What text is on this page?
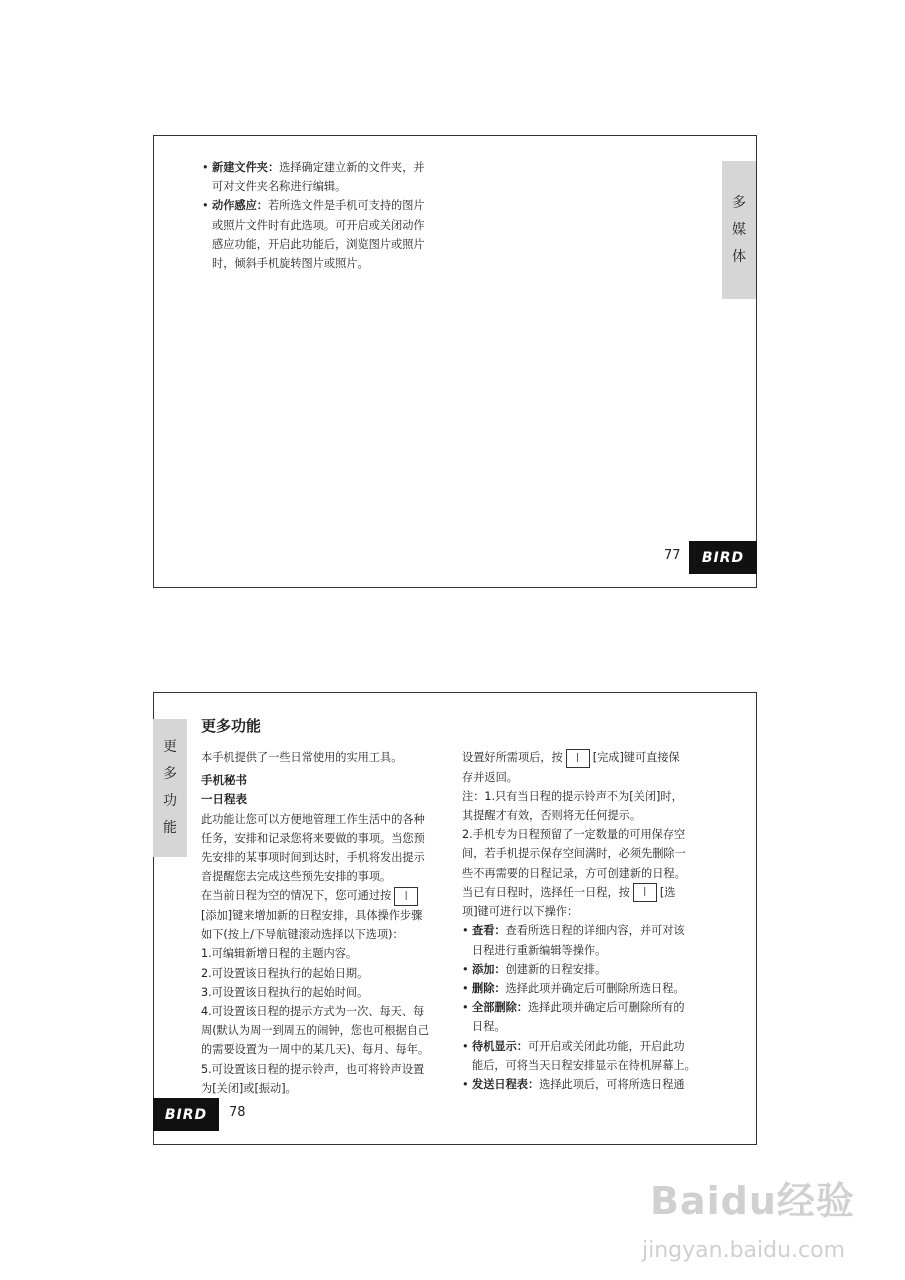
• 新建文件夹：选择确定建立新的文件夹，并
可对文件夹名称进行编辑。
• 动作感应：若所选文件是手机可支持的图片
或照片文件时有此选项。可开启或关闭动作
感应功能，开启此功能后，浏览图片或照片
时，倾斜手机旋转图片或照片。
多
媒
体
77	BIRD
更
多
功
能
更多功能
本手机提供了一些日常使用的实用工具。
手机秘书
一日程表
此功能让您可以方便地管理工作生活中的各种
任务，安排和记录您将来要做的事项。当您预
先安排的某事项时间到达时，手机将发出提示
音提醒您去完成这些预先安排的事项。
在当前日程为空的情况下，您可通过按 |
[添加]键来增加新的日程安排，具体操作步骤
如下(按上/下导航键滚动选择以下选项)：
1.可编辑新增日程的主题内容。
2.可设置该日程执行的起始日期。
3.可设置该日程执行的起始时间。
4.可设置该日程的提示方式为一次、每天、每
周(默认为周一到周五的闹钟，您也可根据自己
的需要设置为一周中的某几天)、每月、每年。
5.可设置该日程的提示铃声，也可将铃声设置
为[关闭]或[振动]。
设置好所需项后，按 | [完成]键可直接保
存并返回。
注：1.只有当日程的提示铃声不为[关闭]时，
其提醒才有效，否则将无任何提示。
2.手机专为日程预留了一定数量的可用保存空
间，若手机提示保存空间满时，必须先删除一
些不再需要的日程记录，方可创建新的日程。
当已有日程时，选择任一日程，按 | [选
项]键可进行以下操作：
• 查看：查看所选日程的详细内容，并可对该
日程进行重新编辑等操作。
• 添加：创建新的日程安排。
• 删除：选择此项并确定后可删除所选日程。
• 全部删除：选择此项并确定后可删除所有的
日程。
• 待机显示：可开启或关闭此功能，开启此功
能后，可将当天日程安排显示在待机屏幕上。
• 发送日程表：选择此项后，可将所选日程通
BIRD	78
Baidu经验
jingyan.baidu.com
